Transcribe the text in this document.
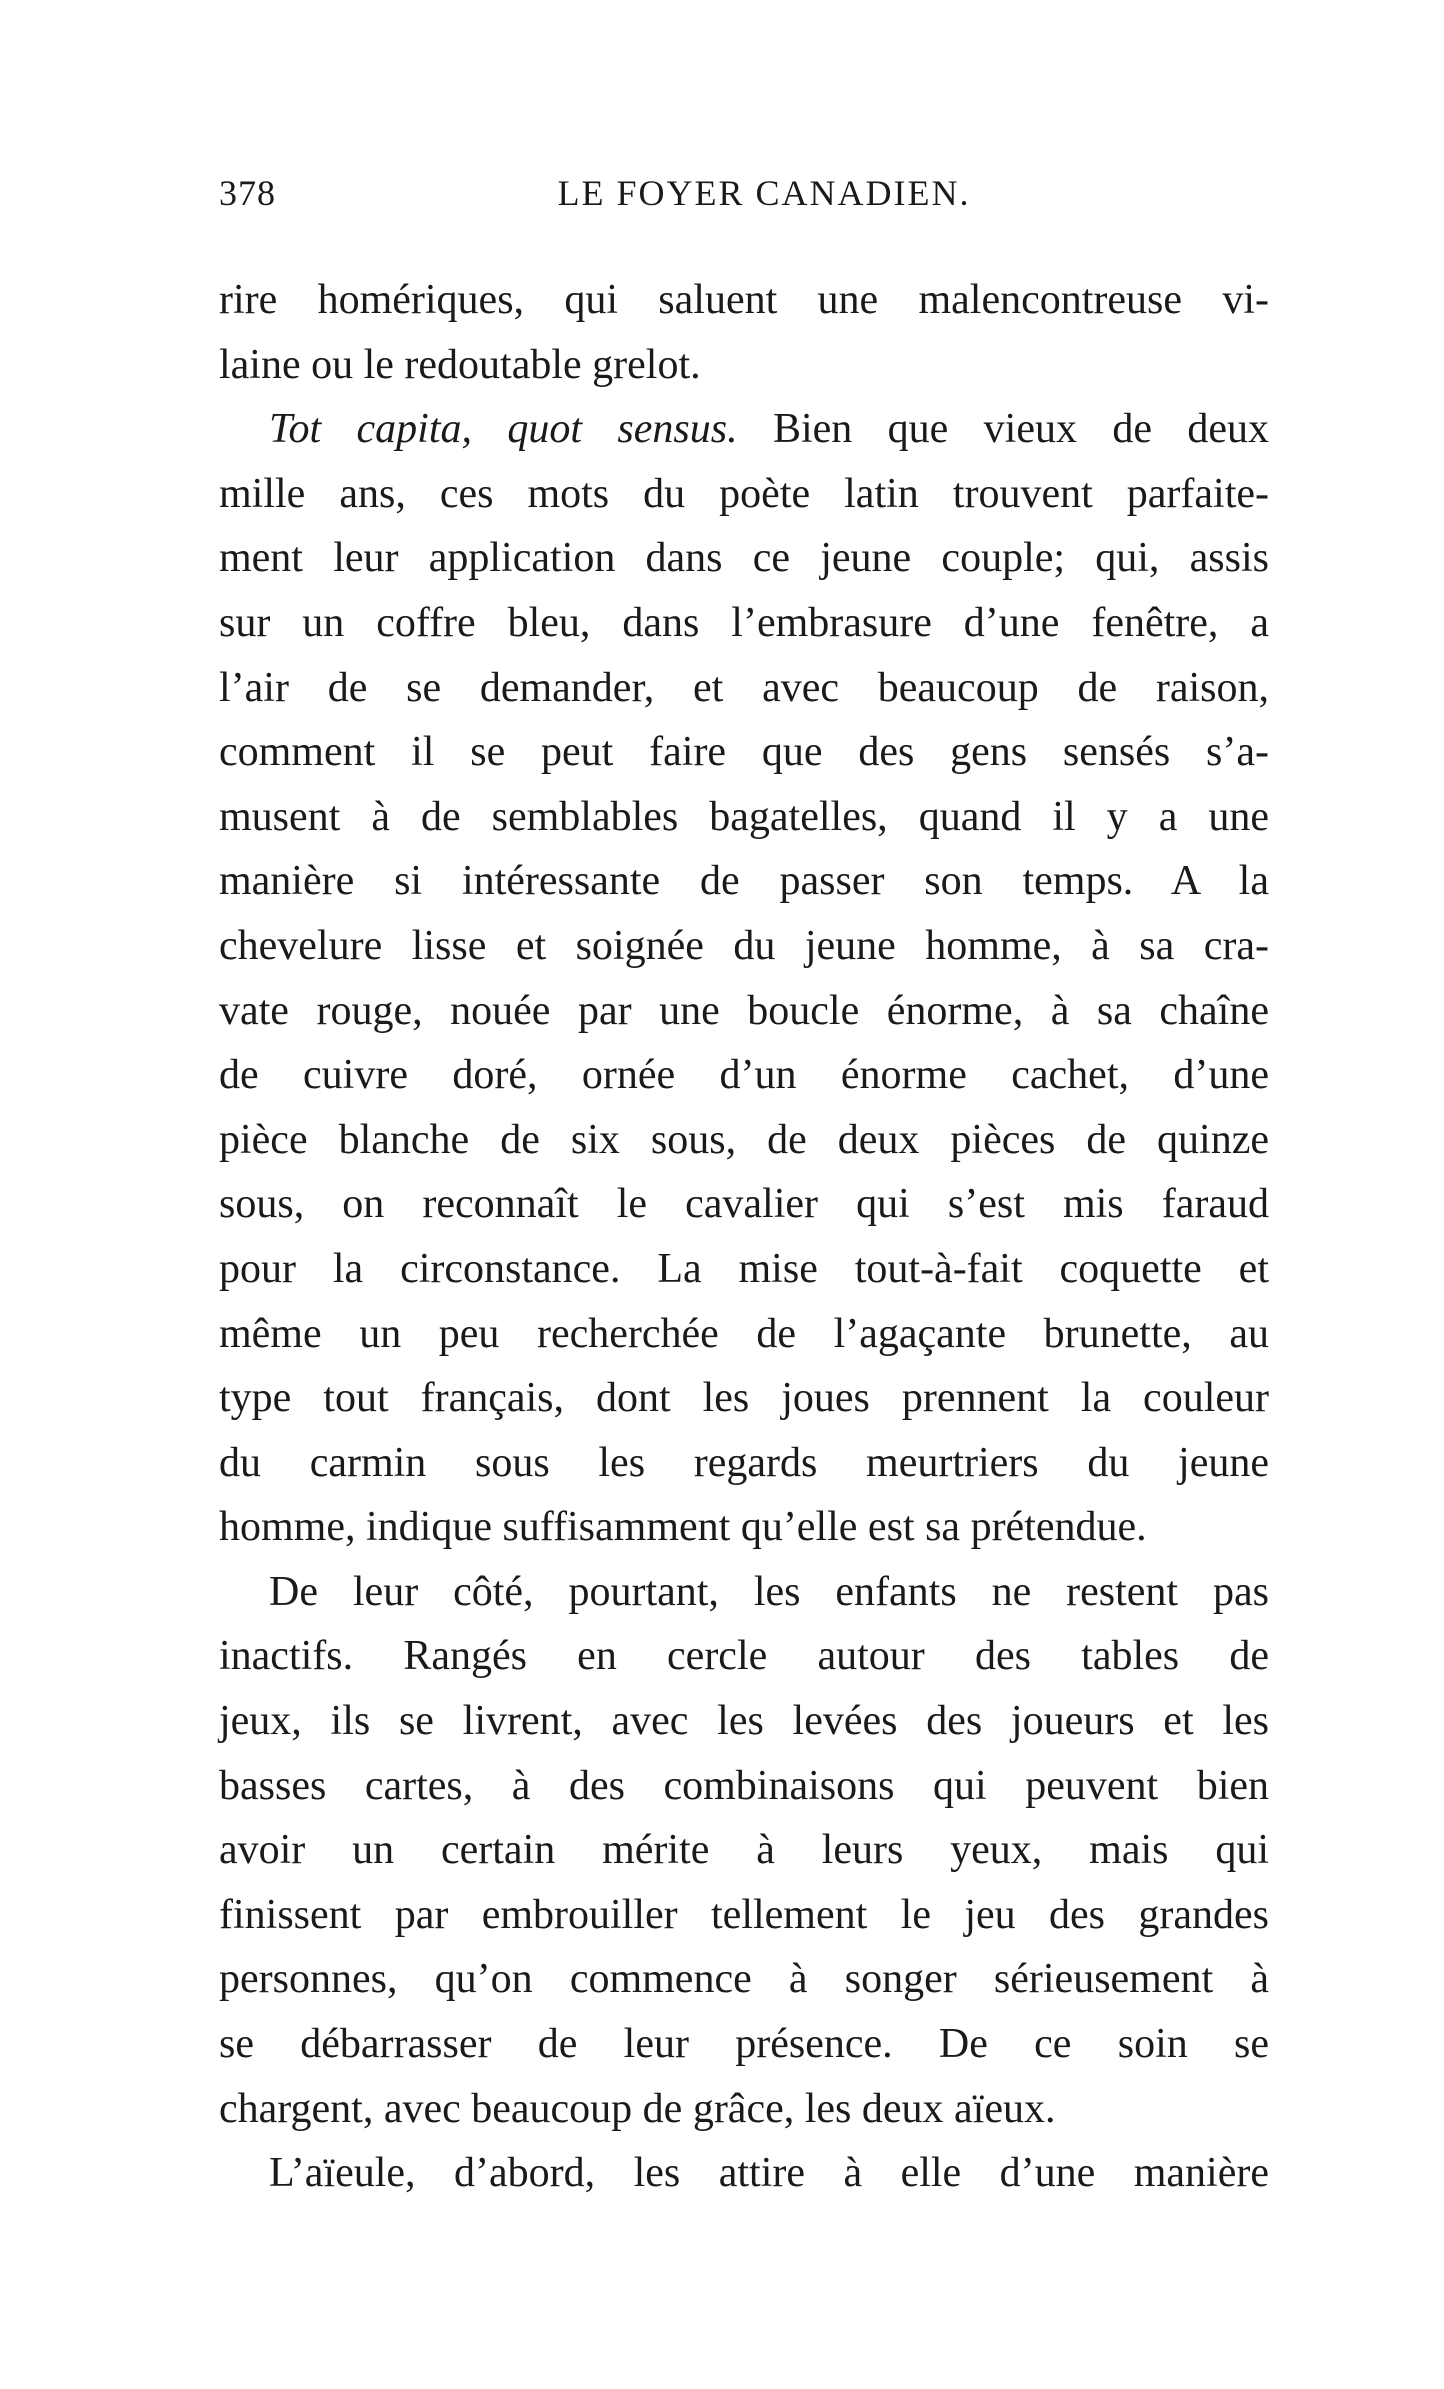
378	LE FOYER CANADIEN.
rire homériques, qui saluent une malencontreuse vi-
laine ou le redoutable grelot.
Tot capita, quot sensus. Bien que vieux de deux
mille ans, ces mots du poète latin trouvent parfaite-
ment leur application dans ce jeune couple; qui, assis
sur un coffre bleu, dans l’embrasure d’une fenêtre, a
l’air de se demander, et avec beaucoup de raison,
comment il se peut faire que des gens sensés s’a-
musent à de semblables bagatelles, quand il y a une
manière si intéressante de passer son temps. A la
chevelure lisse et soignée du jeune homme, à sa cra-
vate rouge, nouée par une boucle énorme, à sa chaîne
de cuivre doré, ornée d’un énorme cachet, d’une
pièce blanche de six sous, de deux pièces de quinze
sous, on reconnaît le cavalier qui s’est mis faraud
pour la circonstance. La mise tout-à-fait coquette et
même un peu recherchée de l’agaçante brunette, au
type tout français, dont les joues prennent la couleur
du carmin sous les regards meurtriers du jeune
homme, indique suffisamment qu’elle est sa prétendue.
De leur côté, pourtant, les enfants ne restent pas
inactifs. Rangés en cercle autour des tables de
jeux, ils se livrent, avec les levées des joueurs et les
basses cartes, à des combinaisons qui peuvent bien
avoir un certain mérite à leurs yeux, mais qui
finissent par embrouiller tellement le jeu des grandes
personnes, qu’on commence à songer sérieusement à
se débarrasser de leur présence. De ce soin se
chargent, avec beaucoup de grâce, les deux aïeux.
L’aïeule, d’abord, les attire à elle d’une manière
